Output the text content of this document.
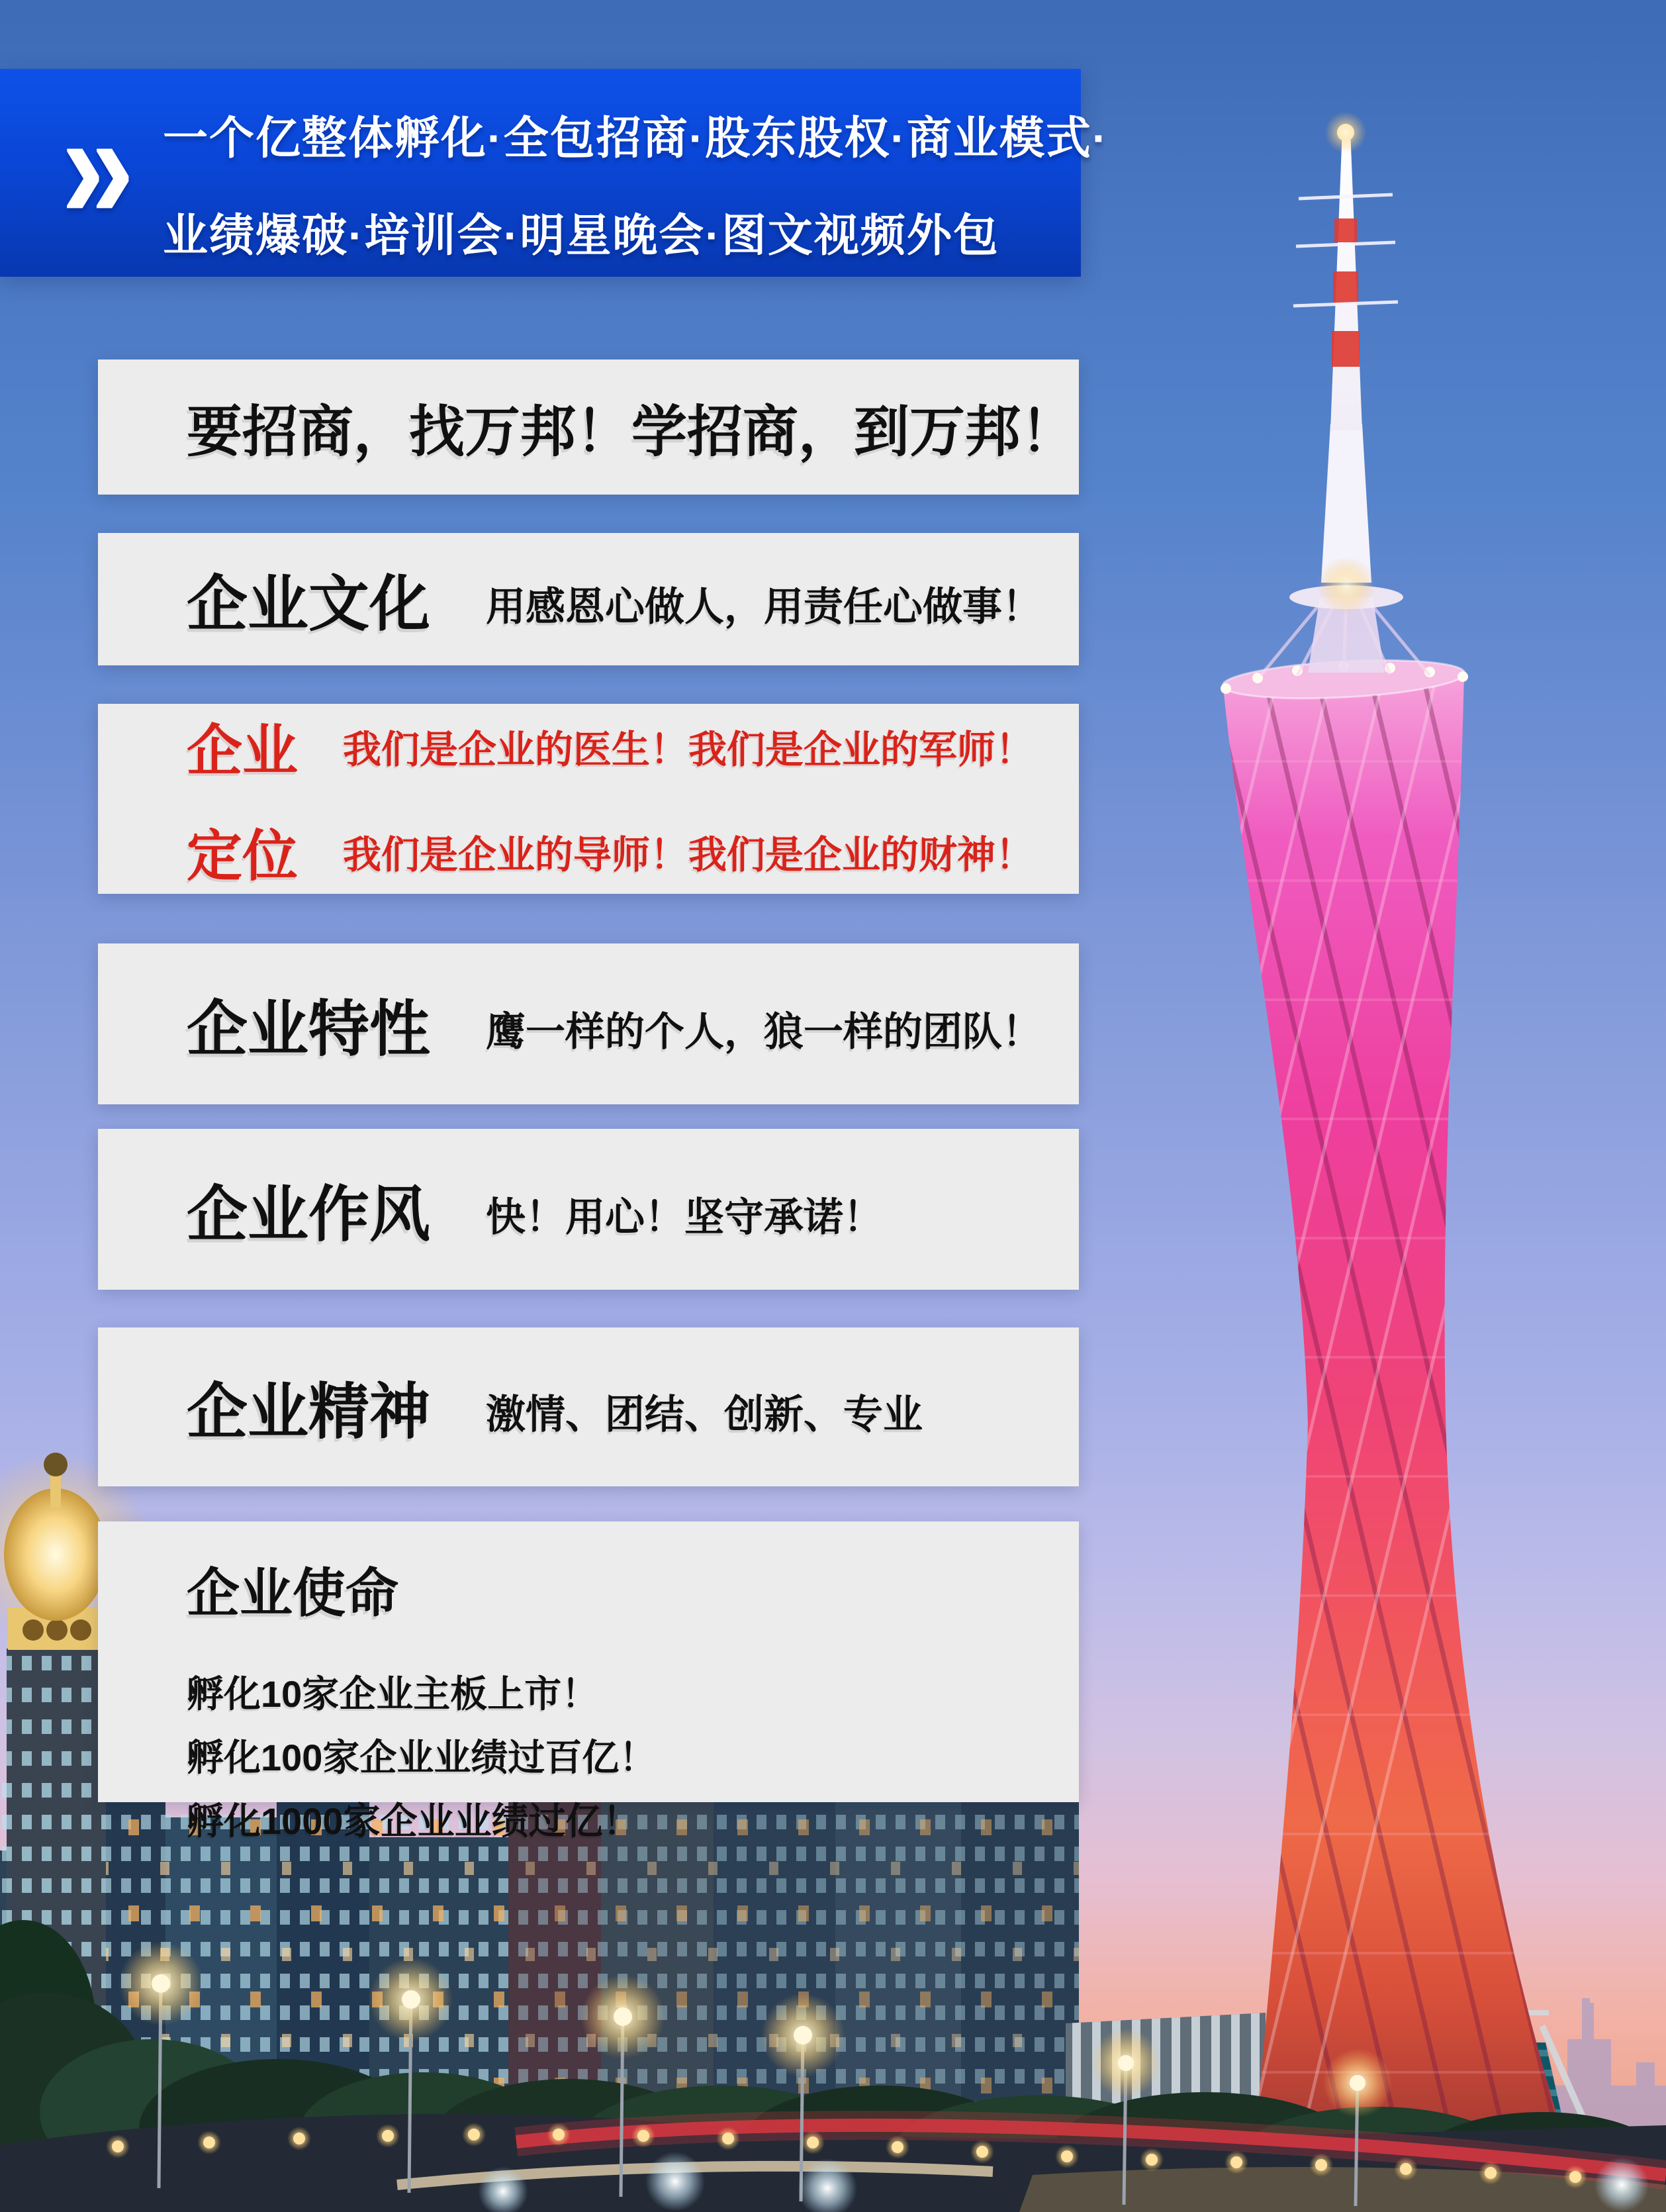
» 一个亿整体孵化·全包招商·股东股权·商业模式·
业绩爆破·培训会·明星晚会·图文视频外包
要招商，找万邦！学招商，到万邦！
企业文化 用感恩心做人，用责任心做事！
企业	我们是企业的医生！我们是企业的军师！
定位	我们是企业的导师！我们是企业的财神！
企业特性 鹰一样的个人，狼一样的团队！
企业作风 快！用心！坚守承诺！
企业精神 激情、团结、创新、专业
企业使命
孵化10家企业主板上市！
孵化100家企业业绩过百亿！
孵化1000家企业业绩过亿！
